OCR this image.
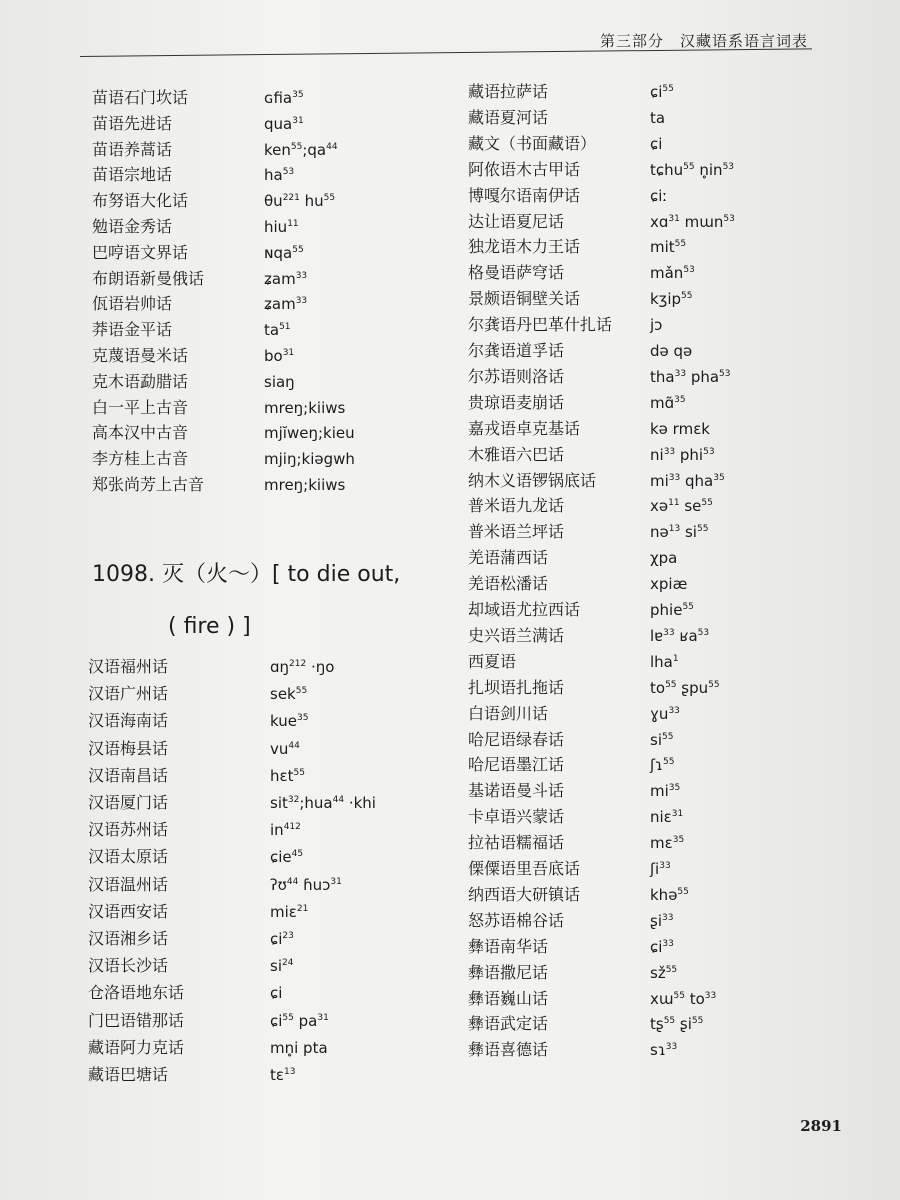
第三部分　汉藏语系语言词表
苗语石门坎话	ɢfia$^{35}$
苗语先进话	qua$^{31}$
苗语养蒿话	$ken^{55};qa^{44}$
苗语宗地话	$ha^{53}$
布努语大化话	$\theta u^{221}$ $hu^{55}$
勉语金秀话	hiu$^{11}$
巴哼语文界话	ɴqa$^{55}$
布朗语新曼俄话	ʑam$^{33}$
佤语岩帅话	ʑam$^{33}$
莽语金平话	$ta^{51}$
克蔑语曼米话	$bo^{31}$
克木语勐腊话	siaŋ
白一平上古音	mreŋ;kiiws
高本汉中古音	mjĭweŋ;kieu
李方桂上古音	mjiŋ;kiəgwh
郑张尚芳上古音	mreŋ;kiiws
1098. 灭（火～）[ to die out,
( fire ) ]
汉语福州话	ɑŋ$^{212}$ ·ŋo
汉语广州话	sek$^{55}$
汉语海南话	kue$^{35}$
汉语梅县话	$vu^{44}$
汉语南昌话	hɛt$^{55}$
汉语厦门话	sit$^{32}$;hua$^{44}$ ·khi
汉语苏州话	$in^{412}$
汉语太原话	ɕie$^{45}$
汉语温州话	ʔʊ$^{44}$ ɦuɔ$^{31}$
汉语西安话	miɛ$^{21}$
汉语湘乡话	ɕi$^{23}$
汉语长沙话	$si^{24}$
仓洛语地东话	ɕi
门巴语错那话	ɕi$^{55}$ $pa^{31}$
藏语阿力克话	mn̥i pta
藏语巴塘话	tɛ$^{13}$
藏语拉萨话	ɕi$^{55}$
藏语夏河话	ta
藏文（书面藏语）	ɕi
阿侬语木古甲话	tɕhu$^{55}$ $n̥in^{53}$
博嘎尔语南伊话	ɕiː
达让语夏尼话	xɑ$^{31}$ mɯn$^{53}$
独龙语木力王话	mit$^{55}$
格曼语萨穹话	mǎn$^{53}$
景颇语铜壁关话	kʒip$^{55}$
尔龚语丹巴革什扎话	jɔ
尔龚语道孚话	də qə
尔苏语则洛话	tha$^{33}$ pha$^{53}$
贵琼语麦崩话	mɑ̃$^{35}$
嘉戎语卓克基话	kə rmɛk
木雅语六巴话	$ni^{33}$ phi$^{53}$
纳木义语锣锅底话	$mi^{33}$ qha$^{35}$
普米语九龙话	xə$^{11}$ $se^{55}$
普米语兰坪话	nə$^{13}$ $si^{55}$
羌语蒲西话	χpa
羌语松潘话	xpiæ
却域语尤拉西话	phie$^{55}$
史兴语兰满话	lɐ$^{33}$ ʁa$^{53}$
西夏语	lha$^1$
扎坝语扎拖话	$to^{55}$ ʂpu$^{55}$
白语剑川话	ɣu$^{33}$
哈尼语绿春话	$si^{55}$
哈尼语墨江话	ʃɿ$^{55}$
基诺语曼斗话	$mi^{35}$
卡卓语兴蒙话	niɛ$^{31}$
拉祜语糯福话	mɛ$^{35}$
傈僳语里吾底话	ʃi$^{33}$
纳西语大研镇话	khə$^{55}$
怒苏语棉谷话	ʂi$^{33}$
彝语南华话	ɕi$^{33}$
彝语撒尼话	$sž^{55}$
彝语巍山话	xɯ$^{55}$ $to^{33}$
彝语武定话	tʂ$^{55}$ ʂi$^{55}$
彝语喜德话	sɿ$^{33}$
2891
